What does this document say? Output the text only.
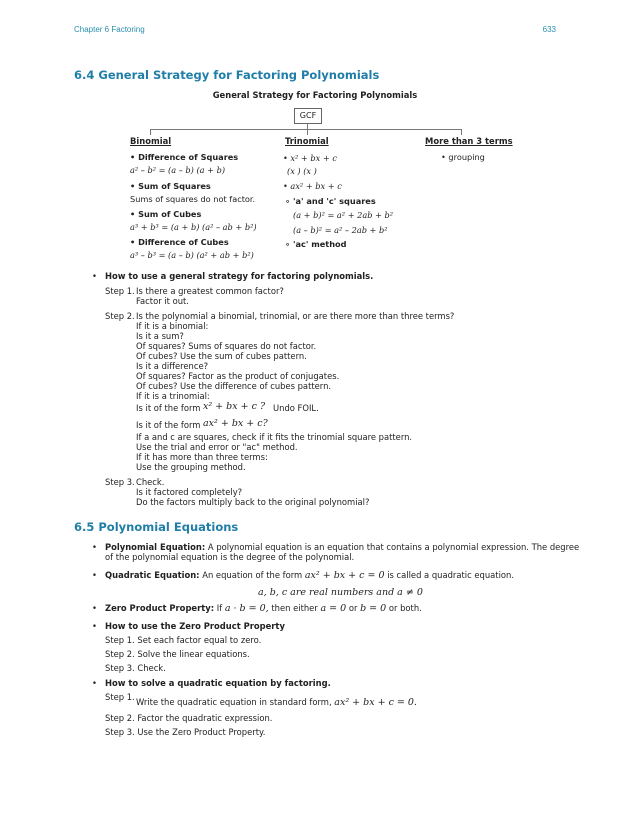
Chapter 6 Factoring	633
6.4 General Strategy for Factoring Polynomials
General Strategy for Factoring Polynomials
GCF
Binomial	Trinomial	More than 3 terms
• Difference of Squares
a² – b² = (a – b) (a + b)
• Sum of Squares
Sums of squares do not factor.
• Sum of Cubes
a³ + b³ = (a + b) (a² – ab + b²)
• Difference of Cubes
a³ – b³ = (a – b) (a² + ab + b²)
• x² + bx + c
(x ) (x )
• ax² + bx + c
∘ 'a' and 'c' squares
(a + b)² = a² + 2ab + b²
(a – b)² = a² – 2ab + b²
∘ 'ac' method
• grouping
• How to use a general strategy for factoring polynomials.
Step 1. Is there a greatest common factor?
Factor it out.
Step 2. Is the polynomial a binomial, trinomial, or are there more than three terms?
If it is a binomial:
Is it a sum?
Of squares? Sums of squares do not factor.
Of cubes? Use the sum of cubes pattern.
Is it a difference?
Of squares? Factor as the product of conjugates.
Of cubes? Use the difference of cubes pattern.
If it is a trinomial:
Is it of the form x² + bx + c ? Undo FOIL.
Is it of the form ax² + bx + c?
If a and c are squares, check if it fits the trinomial square pattern.
Use the trial and error or "ac" method.
If it has more than three terms:
Use the grouping method.
Step 3. Check.
Is it factored completely?
Do the factors multiply back to the original polynomial?
6.5 Polynomial Equations
• Polynomial Equation: A polynomial equation is an equation that contains a polynomial expression. The degree
of the polynomial equation is the degree of the polynomial.
• Quadratic Equation: An equation of the form ax² + bx + c = 0 is called a quadratic equation.
a, b, c are real numbers and a ≠ 0
• Zero Product Property: If a · b = 0, then either a = 0 or b = 0 or both.
• How to use the Zero Product Property
Step 1. Set each factor equal to zero.
Step 2. Solve the linear equations.
Step 3. Check.
• How to solve a quadratic equation by factoring.
Step 1. Write the quadratic equation in standard form, ax² + bx + c = 0.
Step 2. Factor the quadratic expression.
Step 3. Use the Zero Product Property.
